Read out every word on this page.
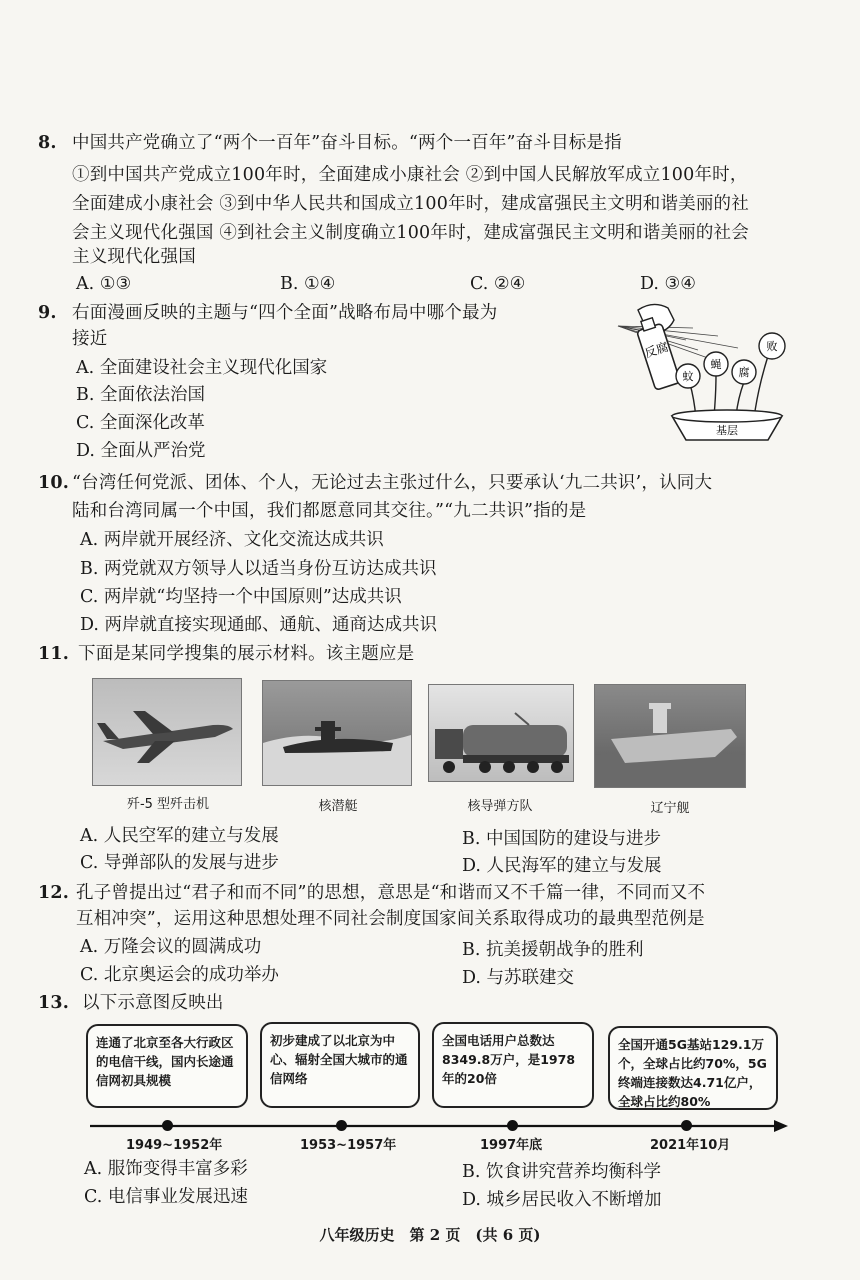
8. 中国共产党确立了“两个一百年”奋斗目标。“两个一百年”奋斗目标是指
①到中国共产党成立100年时，全面建成小康社会 ②到中国人民解放军成立100年时，
全面建成小康社会 ③到中华人民共和国成立100年时，建成富强民主文明和谐美丽的社
会主义现代化强国 ④到社会主义制度确立100年时，建成富强民主文明和谐美丽的社会
主义现代化强国
A. ①③	B. ①④	C. ②④	D. ③④
9. 右面漫画反映的主题与“四个全面”战略布局中哪个最为
接近
A. 全面建设社会主义现代化国家
B. 全面依法治国
C. 全面深化改革
D. 全面从严治党
反腐
蚊
蝇
腐
败
基层
10. “台湾任何党派、团体、个人，无论过去主张过什么，只要承认‘九二共识’，认同大
陆和台湾同属一个中国，我们都愿意同其交往。”“九二共识”指的是
A. 两岸就开展经济、文化交流达成共识
B. 两党就双方领导人以适当身份互访达成共识
C. 两岸就“均坚持一个中国原则”达成共识
D. 两岸就直接实现通邮、通航、通商达成共识
11. 下面是某同学搜集的展示材料。该主题应是
歼-5 型歼击机	核潜艇	核导弹方队	辽宁舰
A. 人民空军的建立与发展	B. 中国国防的建设与进步
C. 导弹部队的发展与进步	D. 人民海军的建立与发展
12. 孔子曾提出过“君子和而不同”的思想，意思是“和谐而又不千篇一律，不同而又不
互相冲突”，运用这种思想处理不同社会制度国家间关系取得成功的最典型范例是
A. 万隆会议的圆满成功	B. 抗美援朝战争的胜利
C. 北京奥运会的成功举办	D. 与苏联建交
13. 以下示意图反映出
连通了北京至各大行政区的电信干线，国内长途通信网初具规模
初步建成了以北京为中心、辐射全国大城市的通信网络
全国电话用户总数达8349.8万户，是1978年的20倍
全国开通5G基站129.1万个，全球占比约70%，5G终端连接数达4.71亿户，全球占比约80%
1949~1952年	1953~1957年	1997年底	2021年10月
A. 服饰变得丰富多彩	B. 饮食讲究营养均衡科学
C. 电信事业发展迅速	D. 城乡居民收入不断增加
八年级历史　第 2 页　(共 6 页)
